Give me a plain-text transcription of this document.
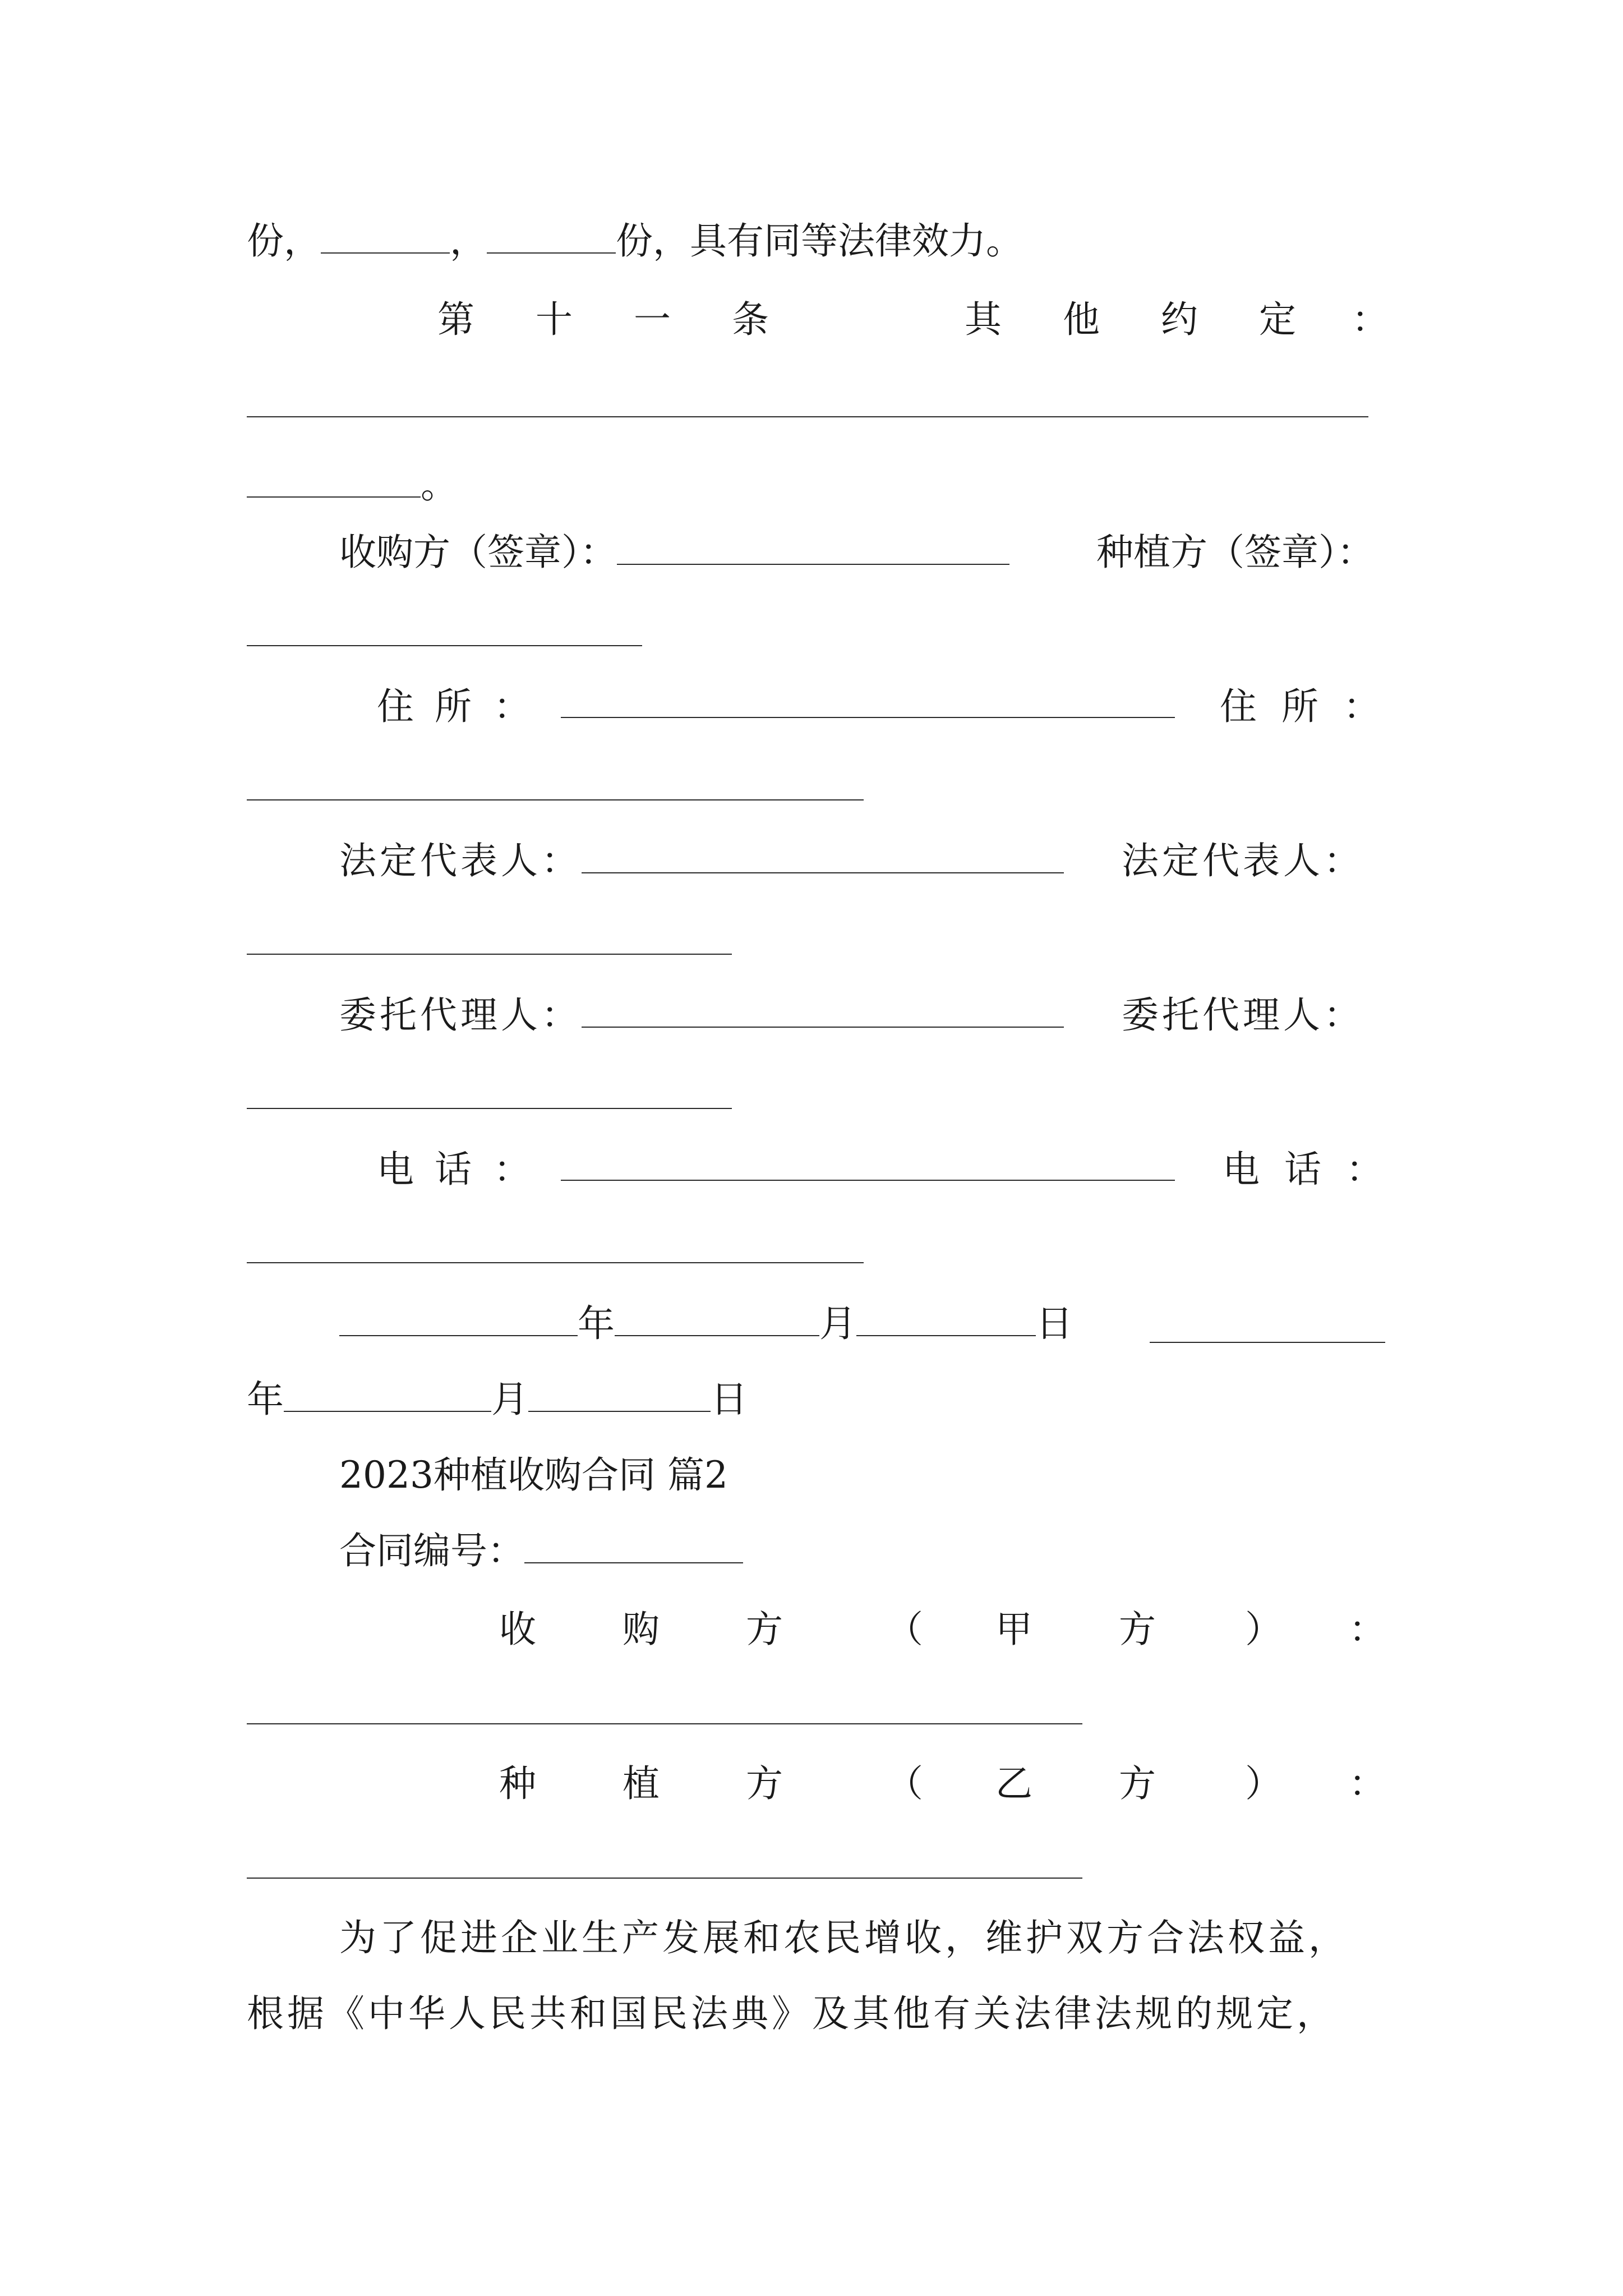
份，	，	份，具有同等法律效力。
第 十 一 条	其 他 约 定 ：
。
收购方（签章）：	种植方（签章）：
住 所 ：	住 所 ：
法定代表人：	法定代表人：
委托代理人：	委托代理人：
电 话 ：	电 话 ：
年	月	日
年	月	日
2023种植收购合同 篇2
合同编号：
收 购 方	（ 甲 方 ） ：
种 植 方	（ 乙 方 ） ：
为了促进企业生产发展和农民增收，维护双方合法权益，
根据《中华人民共和国民法典》及其他有关法律法规的规定，
